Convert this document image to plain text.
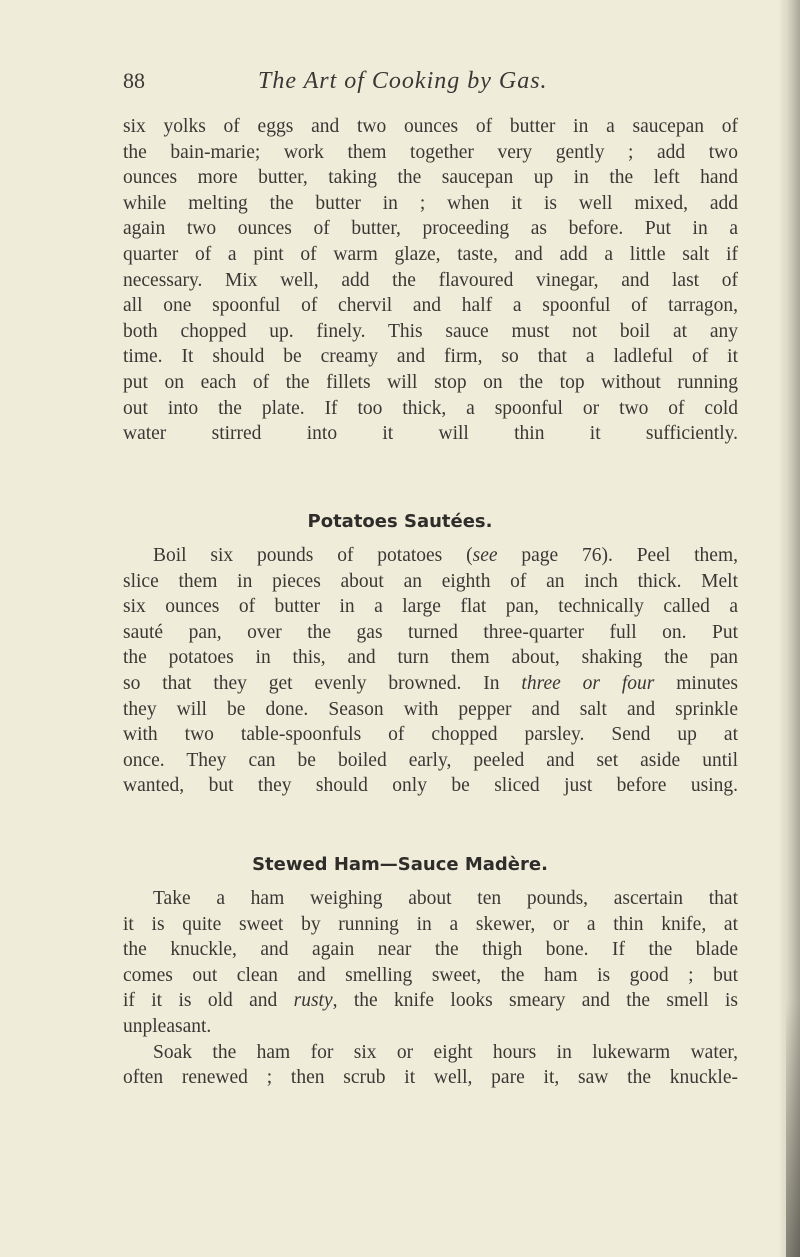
88	The Art of Cooking by Gas.
six yolks of eggs and two ounces of butter in a saucepan of
the bain-marie; work them together very gently ; add two
ounces more butter, taking the saucepan up in the left hand
while melting the butter in ; when it is well mixed, add
again two ounces of butter, proceeding as before. Put in a
quarter of a pint of warm glaze, taste, and add a little salt if
necessary. Mix well, add the flavoured vinegar, and last of
all one spoonful of chervil and half a spoonful of tarragon,
both chopped up. finely. This sauce must not boil at any
time. It should be creamy and firm, so that a ladleful of it
put on each of the fillets will stop on the top without running
out into the plate. If too thick, a spoonful or two of cold
water stirred into it will thin it sufficiently.
Potatoes Sautées.
Boil six pounds of potatoes (see page 76). Peel them,
slice them in pieces about an eighth of an inch thick. Melt
six ounces of butter in a large flat pan, technically called a
sauté pan, over the gas turned three-quarter full on. Put
the potatoes in this, and turn them about, shaking the pan
so that they get evenly browned. In three or four minutes
they will be done. Season with pepper and salt and sprinkle
with two table-spoonfuls of chopped parsley. Send up at
once. They can be boiled early, peeled and set aside until
wanted, but they should only be sliced just before using.
Stewed Ham—Sauce Madère.
Take a ham weighing about ten pounds, ascertain that
it is quite sweet by running in a skewer, or a thin knife, at
the knuckle, and again near the thigh bone. If the blade
comes out clean and smelling sweet, the ham is good ; but
if it is old and rusty, the knife looks smeary and the smell is
unpleasant.
Soak the ham for six or eight hours in lukewarm water,
often renewed ; then scrub it well, pare it, saw the knuckle-
